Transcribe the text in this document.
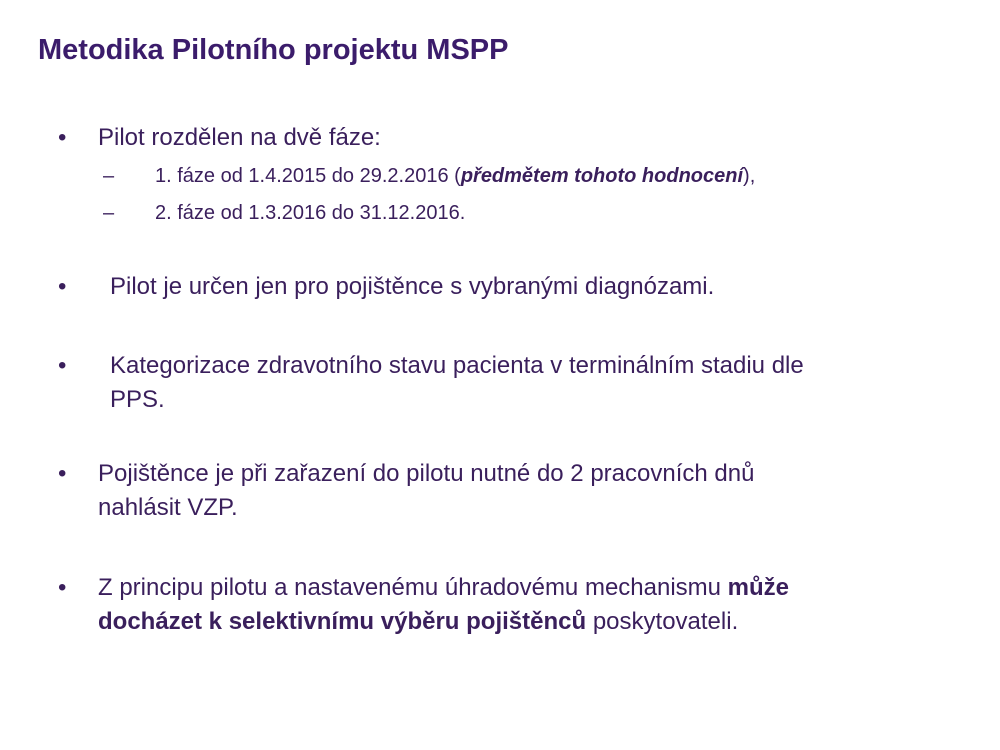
Metodika Pilotního projektu MSPP
•	Pilot rozdělen na dvě fáze:
– 1. fáze od 1.4.2015 do 29.2.2016 (předmětem tohoto hodnocení),
– 2. fáze od 1.3.2016 do 31.12.2016.
•	Pilot je určen jen pro pojištěnce s vybranými diagnózami.
•	Kategorizace zdravotního stavu pacienta v terminálním stadiu dle
PPS.
•	Pojištěnce je při zařazení do pilotu nutné do 2 pracovních dnů
nahlásit VZP.
•	Z principu pilotu a nastavenému úhradovému mechanismu může
docházet k selektivnímu výběru pojištěnců poskytovateli.
